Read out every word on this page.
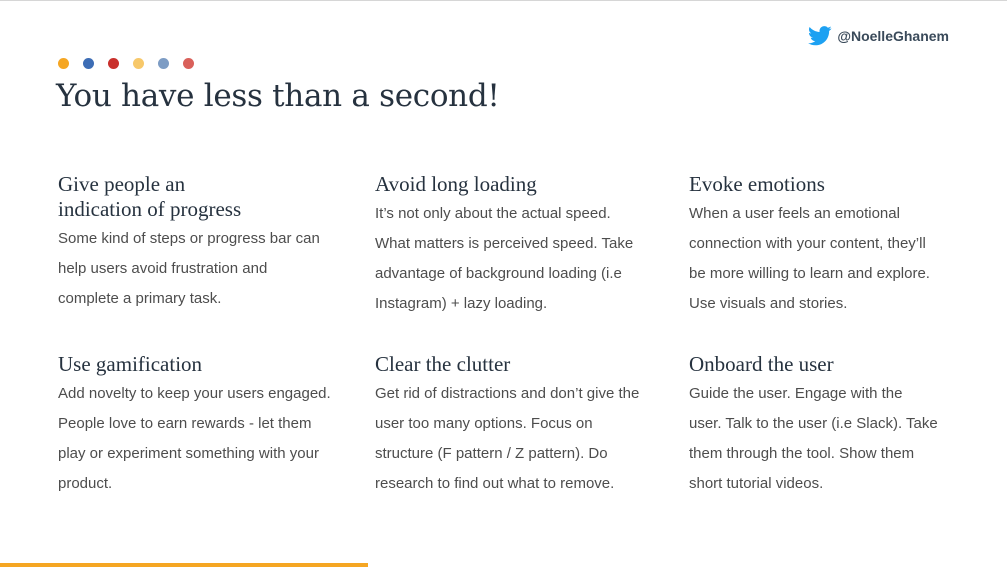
@NoelleGhanem
You have less than a second!
Give people an
indication of progress

Some kind of steps or progress bar can help users avoid frustration and complete a primary task.

Avoid long loading

It’s not only about the actual speed. What matters is perceived speed. Take advantage of background loading (i.e Instagram) + lazy loading.

Evoke emotions

When a user feels an emotional connection with your content, they’ll be more willing to learn and explore. Use visuals and stories.

Use gamification

Add novelty to keep your users engaged. People love to earn rewards - let them play or experiment something with your product.

Clear the clutter

Get rid of distractions and don’t give the user too many options. Focus on structure (F pattern / Z pattern). Do research to find out what to remove.

Onboard the user

Guide the user. Engage with the user. Talk to the user (i.e Slack). Take them through the tool. Show them short tutorial videos.
